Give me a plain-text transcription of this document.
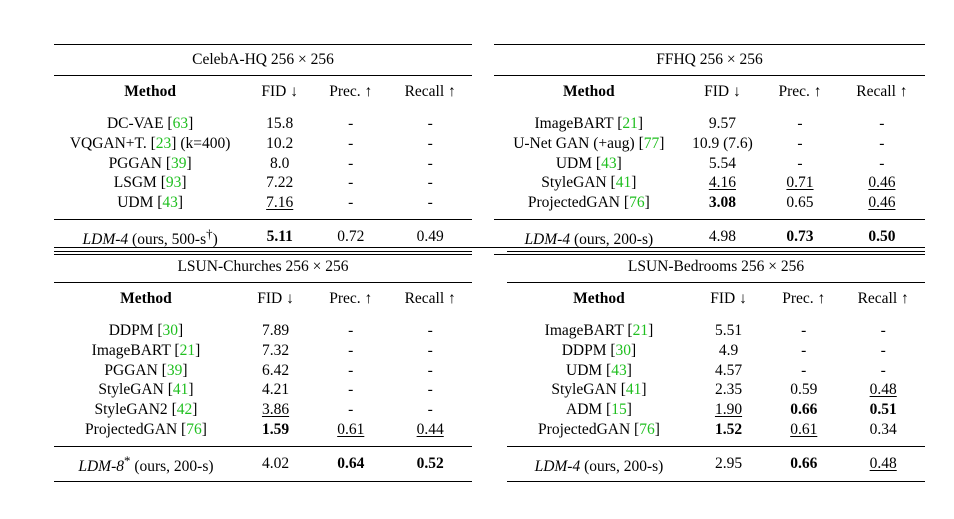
CelebA-HQ 256 × 256			
Method	FID ↓	Prec. ↑	Recall ↑
DC-VAE [63]	15.8	-	-
VQGAN+T. [23] (k=400)	10.2	-	-
PGGAN [39]	8.0	-	-
LSGM [93]	7.22	-	-
UDM [43]	7.16	-	-
LDM-4 (ours, 500-s†)	5.11	0.72	0.49
FFHQ 256 × 256			
Method	FID ↓	Prec. ↑	Recall ↑
ImageBART [21]	9.57	-	-
U-Net GAN (+aug) [77]	10.9 (7.6)	-	-
UDM [43]	5.54	-	-
StyleGAN [41]	4.16	0.71	0.46
ProjectedGAN [76]	3.08	0.65	0.46
LDM-4 (ours, 200-s)	4.98	0.73	0.50
LSUN-Churches 256 × 256			
Method	FID ↓	Prec. ↑	Recall ↑
DDPM [30]	7.89	-	-
ImageBART [21]	7.32	-	-
PGGAN [39]	6.42	-	-
StyleGAN [41]	4.21	-	-
StyleGAN2 [42]	3.86	-	-
ProjectedGAN [76]	1.59	0.61	0.44
LDM-8* (ours, 200-s)	4.02	0.64	0.52
LSUN-Bedrooms 256 × 256			
Method	FID ↓	Prec. ↑	Recall ↑
ImageBART [21]	5.51	-	-
DDPM [30]	4.9	-	-
UDM [43]	4.57	-	-
StyleGAN [41]	2.35	0.59	0.48
ADM [15]	1.90	0.66	0.51
ProjectedGAN [76]	1.52	0.61	0.34
LDM-4 (ours, 200-s)	2.95	0.66	0.48
